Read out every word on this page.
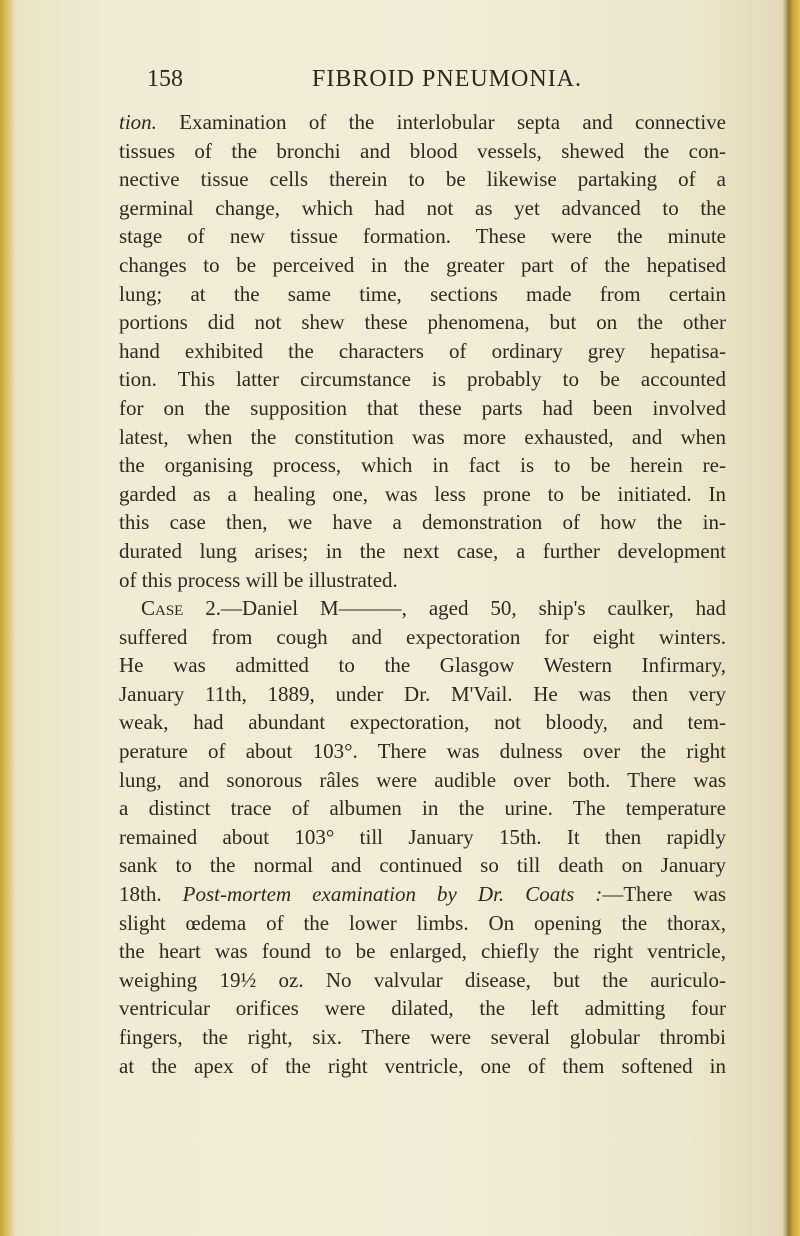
158	FIBROID PNEUMONIA.
tion. Examination of the interlobular septa and connective
tissues of the bronchi and blood vessels, shewed the con-
nective tissue cells therein to be likewise partaking of a
germinal change, which had not as yet advanced to the
stage of new tissue formation. These were the minute
changes to be perceived in the greater part of the hepatised
lung; at the same time, sections made from certain
portions did not shew these phenomena, but on the other
hand exhibited the characters of ordinary grey hepatisa-
tion. This latter circumstance is probably to be accounted
for on the supposition that these parts had been involved
latest, when the constitution was more exhausted, and when
the organising process, which in fact is to be herein re-
garded as a healing one, was less prone to be initiated. In
this case then, we have a demonstration of how the in-
durated lung arises; in the next case, a further development
of this process will be illustrated.
Case 2.—Daniel M———, aged 50, ship's caulker, had
suffered from cough and expectoration for eight winters.
He was admitted to the Glasgow Western Infirmary,
January 11th, 1889, under Dr. M'Vail. He was then very
weak, had abundant expectoration, not bloody, and tem-
perature of about 103°. There was dulness over the right
lung, and sonorous râles were audible over both. There was
a distinct trace of albumen in the urine. The temperature
remained about 103° till January 15th. It then rapidly
sank to the normal and continued so till death on January
18th. Post-mortem examination by Dr. Coats :—There was
slight œdema of the lower limbs. On opening the thorax,
the heart was found to be enlarged, chiefly the right ventricle,
weighing 19½ oz. No valvular disease, but the auriculo-
ventricular orifices were dilated, the left admitting four
fingers, the right, six. There were several globular thrombi
at the apex of the right ventricle, one of them softened in
